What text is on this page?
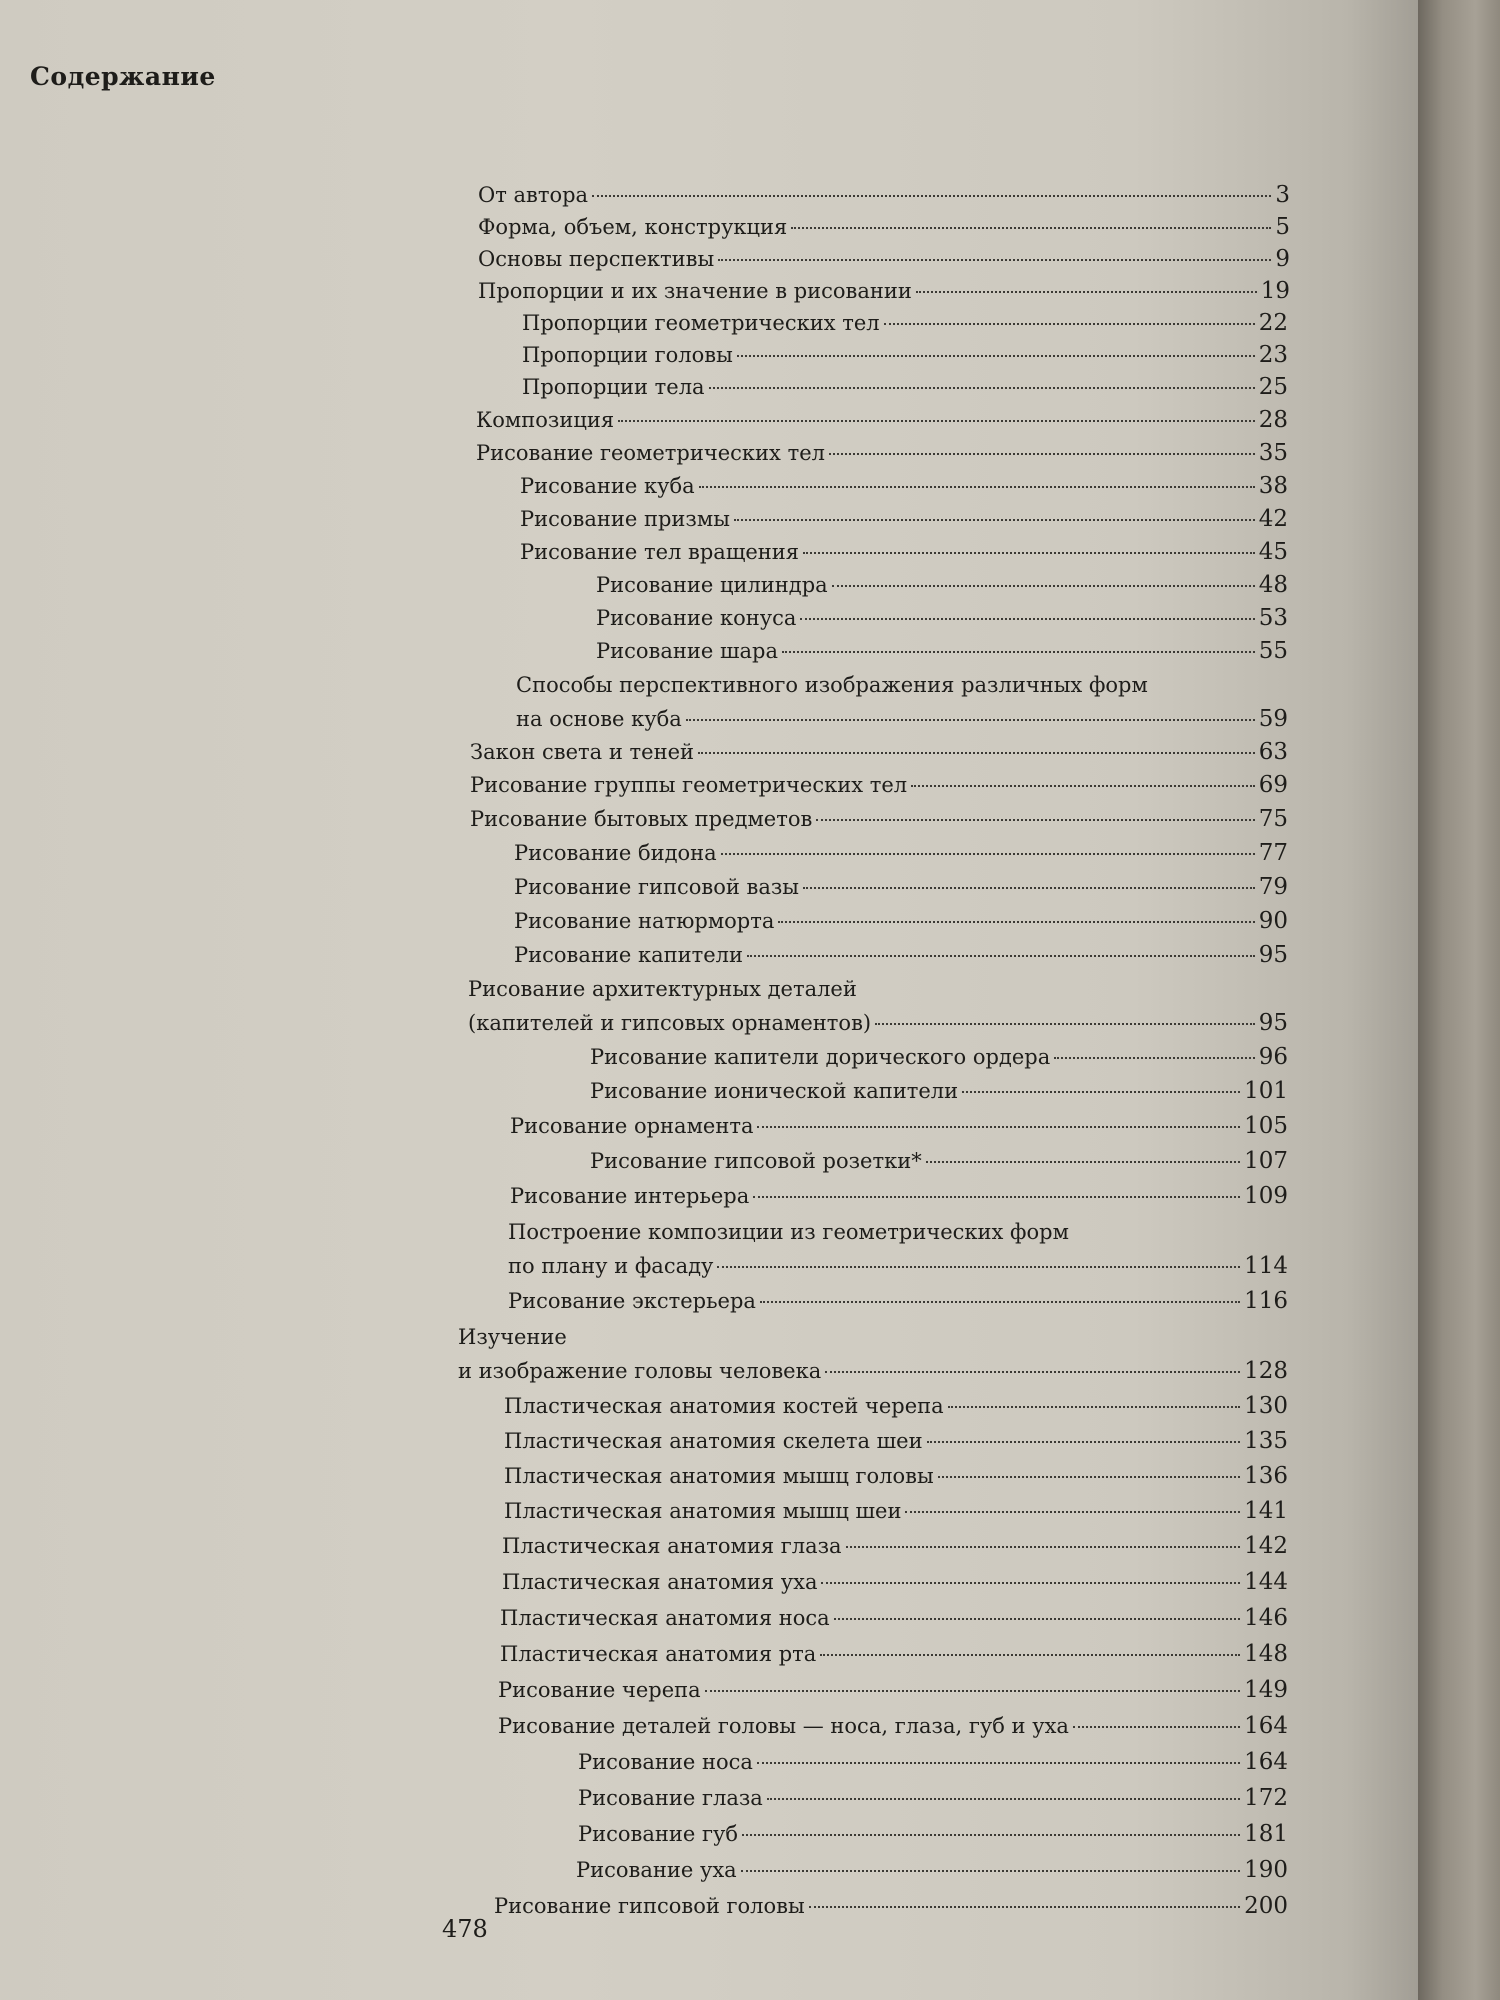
Содержание
От автора	3
Форма, объем, конструкция	5
Основы перспективы	9
Пропорции и их значение в рисовании	19
Пропорции геометрических тел	22
Пропорции головы	23
Пропорции тела	25
Композиция	28
Рисование геометрических тел	35
Рисование куба	38
Рисование призмы	42
Рисование тел вращения	45
Рисование цилиндра	48
Рисование конуса	53
Рисование шара	55
Способы перспективного изображения различных форм
на основе куба	59
Закон света и теней	63
Рисование группы геометрических тел	69
Рисование бытовых предметов	75
Рисование бидона	77
Рисование гипсовой вазы	79
Рисование натюрморта	90
Рисование капители	95
Рисование архитектурных деталей
(капителей и гипсовых орнаментов)	95
Рисование капители дорического ордера	96
Рисование ионической капители	101
Рисование орнамента	105
Рисование гипсовой розетки*	107
Рисование интерьера	109
Построение композиции из геометрических форм
по плану и фасаду	114
Рисование экстерьера	116
Изучение
и изображение головы человека	128
Пластическая анатомия костей черепа	130
Пластическая анатомия скелета шеи	135
Пластическая анатомия мышц головы	136
Пластическая анатомия мышц шеи	141
Пластическая анатомия глаза	142
Пластическая анатомия уха	144
Пластическая анатомия носа	146
Пластическая анатомия рта	148
Рисование черепа	149
Рисование деталей головы — носа, глаза, губ и уха	164
Рисование носа	164
Рисование глаза	172
Рисование губ	181
Рисование уха	190
Рисование гипсовой головы	200
478
